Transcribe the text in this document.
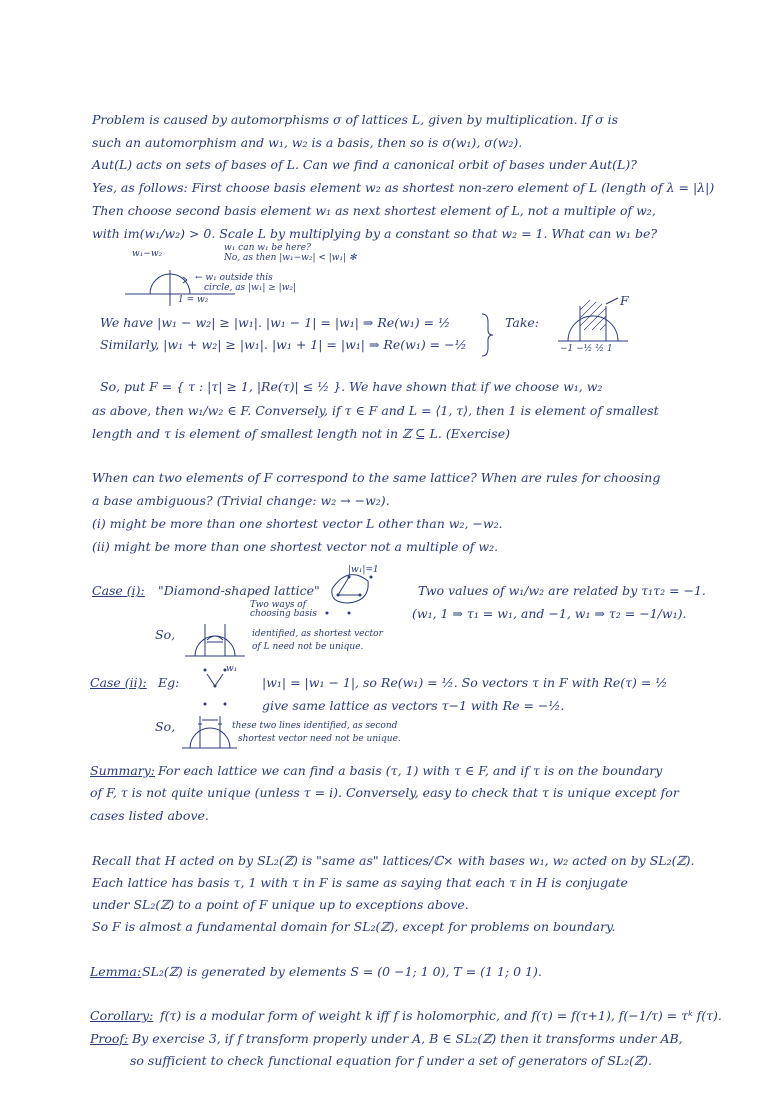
Problem is caused by automorphisms σ of lattices L, given by multiplication. If σ is
such an automorphism and w₁, w₂ is a basis, then so is σ(w₁), σ(w₂).
Aut(L) acts on sets of bases of L. Can we find a canonical orbit of bases under Aut(L)?
Yes, as follows: First choose basis element w₂ as shortest non-zero element of L (length of λ = |λ|)
Then choose second basis element w₁ as next shortest element of L, not a multiple of w₂,
with im(w₁/w₂) > 0. Scale L by multiplying by a constant so that w₂ = 1. What can w₁ be?
w₁−w₂
w₁ can w₁ be here?
No, as then |w₁−w₂| < |w₁| ✻
← w₁ outside this
circle, as |w₁| ≥ |w₂|
1 = w₂
We have |w₁ − w₂| ≥ |w₁|. |w₁ − 1| = |w₁| ⇒ Re(w₁) = ½
Similarly, |w₁ + w₂| ≥ |w₁|. |w₁ + 1| = |w₁| ⇒ Re(w₁) = −½
Take:
F
−1 −½ ½ 1
So, put F = { τ : |τ| ≥ 1, |Re(τ)| ≤ ½ }. We have shown that if we choose w₁, w₂
as above, then w₁/w₂ ∈ F. Conversely, if τ ∈ F and L = ⟨1, τ⟩, then 1 is element of smallest
length and τ is element of smallest length not in ℤ ⊆ L. (Exercise)
When can two elements of F correspond to the same lattice? When are rules for choosing
a base ambiguous? (Trivial change: w₂ → −w₂).
(i) might be more than one shortest vector L other than w₂, −w₂.
(ii) might be more than one shortest vector not a multiple of w₂.
Case (i): "Diamond-shaped lattice"
Two ways of choosing basis
|w₁|=1
Two values of w₁/w₂ are related by τ₁τ₂ = −1.
(w₁, 1 ⇒ τ₁ = w₁, and −1, w₁ ⇒ τ₂ = −1/w₁).
So,	identified, as shortest vector
of L need not be unique.
Case (ii): Eg:
w₁
|w₁| = |w₁ − 1|, so Re(w₁) = ½. So vectors τ in F with Re(τ) = ½
give same lattice as vectors τ−1 with Re = −½.
So,	these two lines identified, as second
shortest vector need not be unique.
Summary: For each lattice we can find a basis (τ, 1) with τ ∈ F, and if τ is on the boundary
of F, τ is not quite unique (unless τ = i). Conversely, easy to check that τ is unique except for
cases listed above.
Recall that H acted on by SL₂(ℤ) is "same as" lattices/ℂ× with bases w₁, w₂ acted on by SL₂(ℤ).
Each lattice has basis τ, 1 with τ in F is same as saying that each τ in H is conjugate
under SL₂(ℤ) to a point of F unique up to exceptions above.
So F is almost a fundamental domain for SL₂(ℤ), except for problems on boundary.
Lemma: SL₂(ℤ) is generated by elements S = (0 −1; 1 0), T = (1 1; 0 1).
Corollary: f(τ) is a modular form of weight k iff f is holomorphic, and f(τ) = f(τ+1), f(−1/τ) = τᵏ f(τ).
Proof: By exercise 3, if f transform properly under A, B ∈ SL₂(ℤ) then it transforms under AB,
so sufficient to check functional equation for f under a set of generators of SL₂(ℤ).
